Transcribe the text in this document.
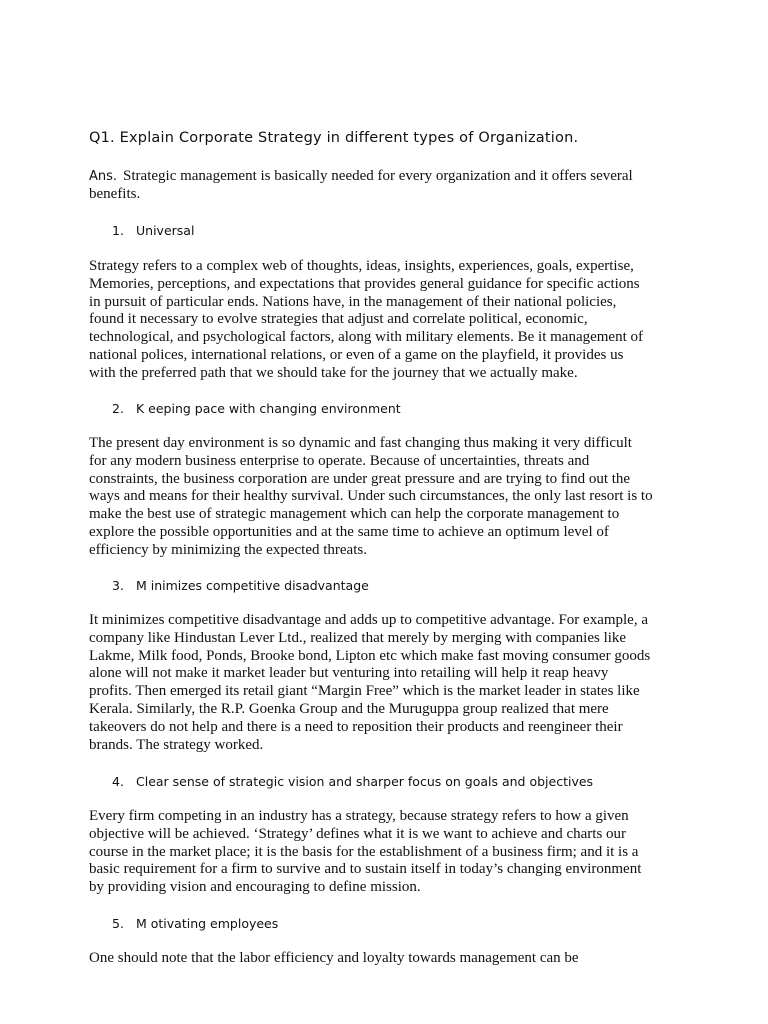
Q1. Explain Corporate Strategy in different types of Organization.
Ans. Strategic management is basically needed for every organization and it offers several
benefits.
1. Universal
Strategy refers to a complex web of thoughts, ideas, insights, experiences, goals, expertise,
Memories, perceptions, and expectations that provides general guidance for specific actions
in pursuit of particular ends. Nations have, in the management of their national policies,
found it necessary to evolve strategies that adjust and correlate political, economic,
technological, and psychological factors, along with military elements. Be it management of
national polices, international relations, or even of a game on the playfield, it provides us
with the preferred path that we should take for the journey that we actually make.
2. K eeping pace with changing environment
The present day environment is so dynamic and fast changing thus making it very difficult
for any modern business enterprise to operate. Because of uncertainties, threats and
constraints, the business corporation are under great pressure and are trying to find out the
ways and means for their healthy survival. Under such circumstances, the only last resort is to
make the best use of strategic management which can help the corporate management to
explore the possible opportunities and at the same time to achieve an optimum level of
efficiency by minimizing the expected threats.
3. M inimizes competitive disadvantage
It minimizes competitive disadvantage and adds up to competitive advantage. For example, a
company like Hindustan Lever Ltd., realized that merely by merging with companies like
Lakme, Milk food, Ponds, Brooke bond, Lipton etc which make fast moving consumer goods
alone will not make it market leader but venturing into retailing will help it reap heavy
profits. Then emerged its retail giant “Margin Free” which is the market leader in states like
Kerala. Similarly, the R.P. Goenka Group and the Muruguppa group realized that mere
takeovers do not help and there is a need to reposition their products and reengineer their
brands. The strategy worked.
4. Clear sense of strategic vision and sharper focus on goals and objectives
Every firm competing in an industry has a strategy, because strategy refers to how a given
objective will be achieved. ‘Strategy’ defines what it is we want to achieve and charts our
course in the market place; it is the basis for the establishment of a business firm; and it is a
basic requirement for a firm to survive and to sustain itself in today’s changing environment
by providing vision and encouraging to define mission.
5. M otivating employees
One should note that the labor efficiency and loyalty towards management can be
